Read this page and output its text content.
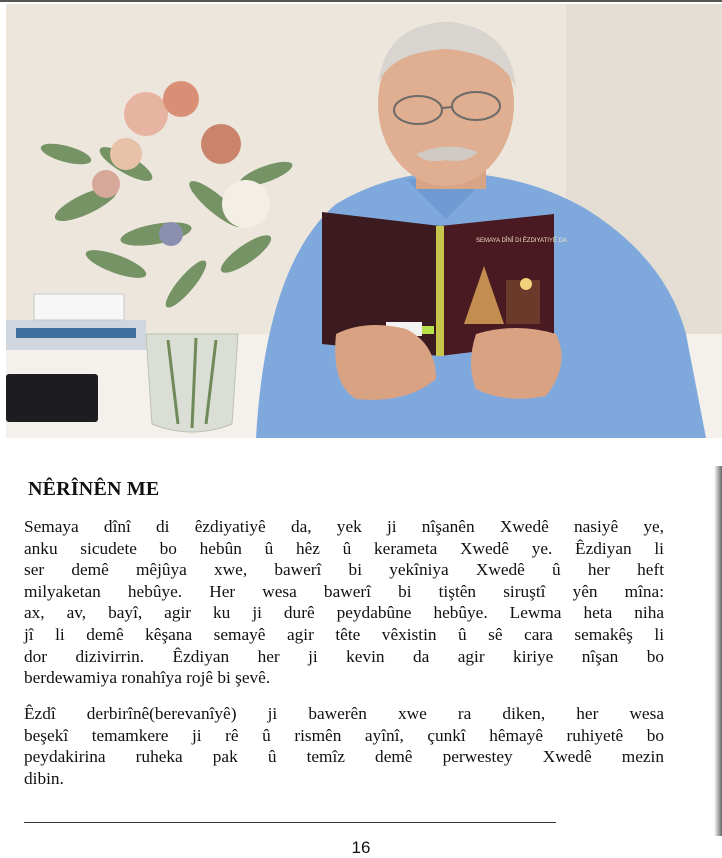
SEMAYA DÎNÎ DI ÊZDIYATIYÊ DA
NÊRÎNÊN ME
Semaya dînî di êzdiyatiyê da, yek ji nîşanên Xwedê nasiyê ye,
anku sicudete bo hebûn û hêz û kerameta Xwedê ye. Êzdiyan li
ser demê mêjûya xwe, bawerî bi yekîniya Xwedê û her heft
milyaketan hebûye. Her wesa bawerî bi tiştên siruştî yên mîna:
ax, av, bayî, agir ku ji durê peydabûne hebûye. Lewma heta niha
jî li demê kêşana semayê agir tête vêxistin û sê cara semakêş li
dor dizivirrin. Êzdiyan her ji kevin da agir kiriye nîşan bo
berdewamiya ronahîya rojê bi şevê.
Êzdî derbirînê(berevanîyê) ji bawerên xwe ra diken, her wesa
beşekî temamkere ji rê û rismên ayînî, çunkî hêmayê ruhiyetê bo
peydakirina ruheka pak û temîz demê perwestey Xwedê mezin
dibin.
16
